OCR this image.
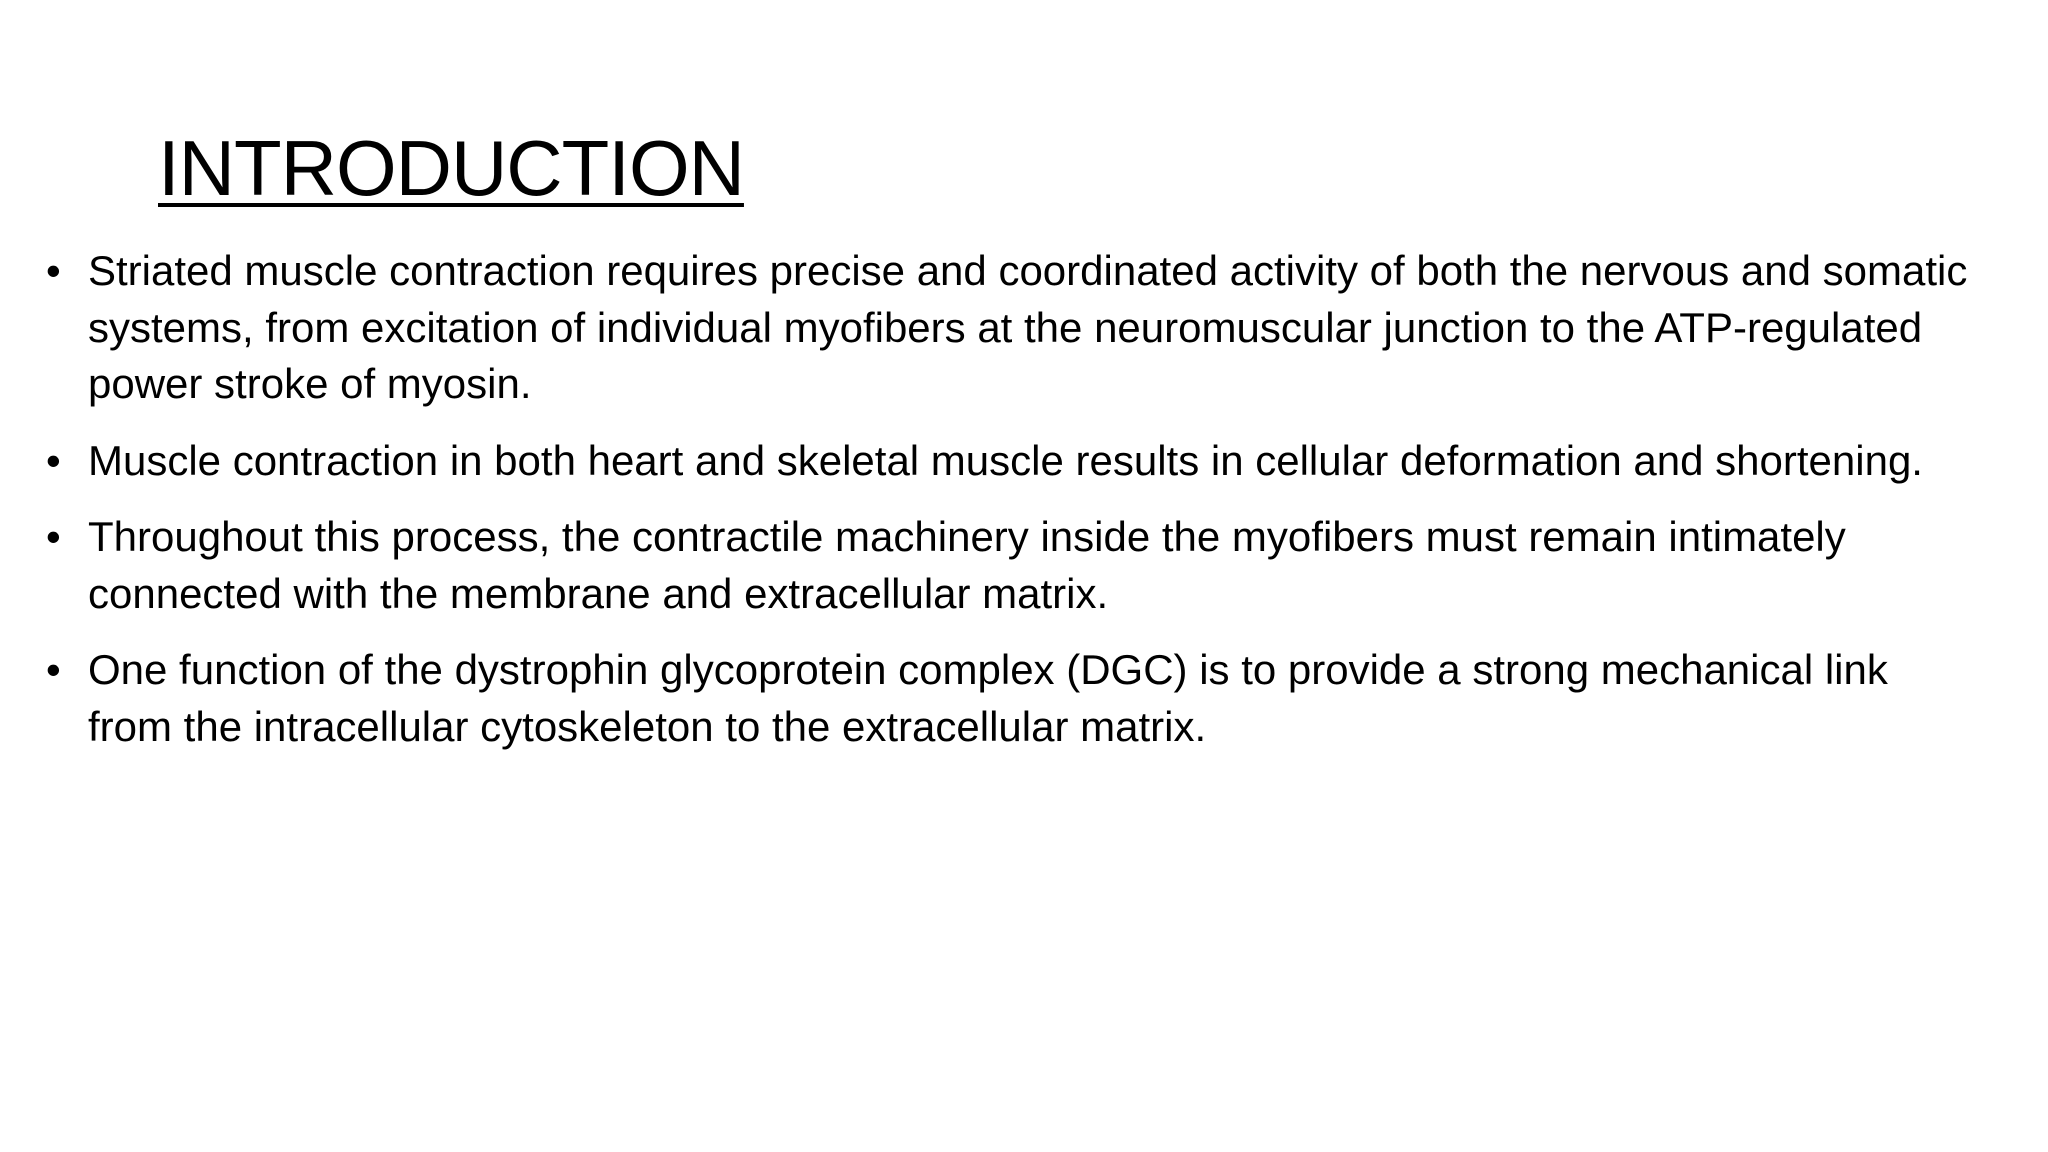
INTRODUCTION
• Striated muscle contraction requires precise and coordinated activity of both the nervous and somatic systems, from excitation of individual myofibers at the neuromuscular junction to the ATP-regulated power stroke of myosin.
• Muscle contraction in both heart and skeletal muscle results in cellular deformation and shortening.
• Throughout this process, the contractile machinery inside the myofibers must remain intimately connected with the membrane and extracellular matrix.
• One function of the dystrophin glycoprotein complex (DGC) is to provide a strong mechanical link from the intracellular cytoskeleton to the extracellular matrix.
